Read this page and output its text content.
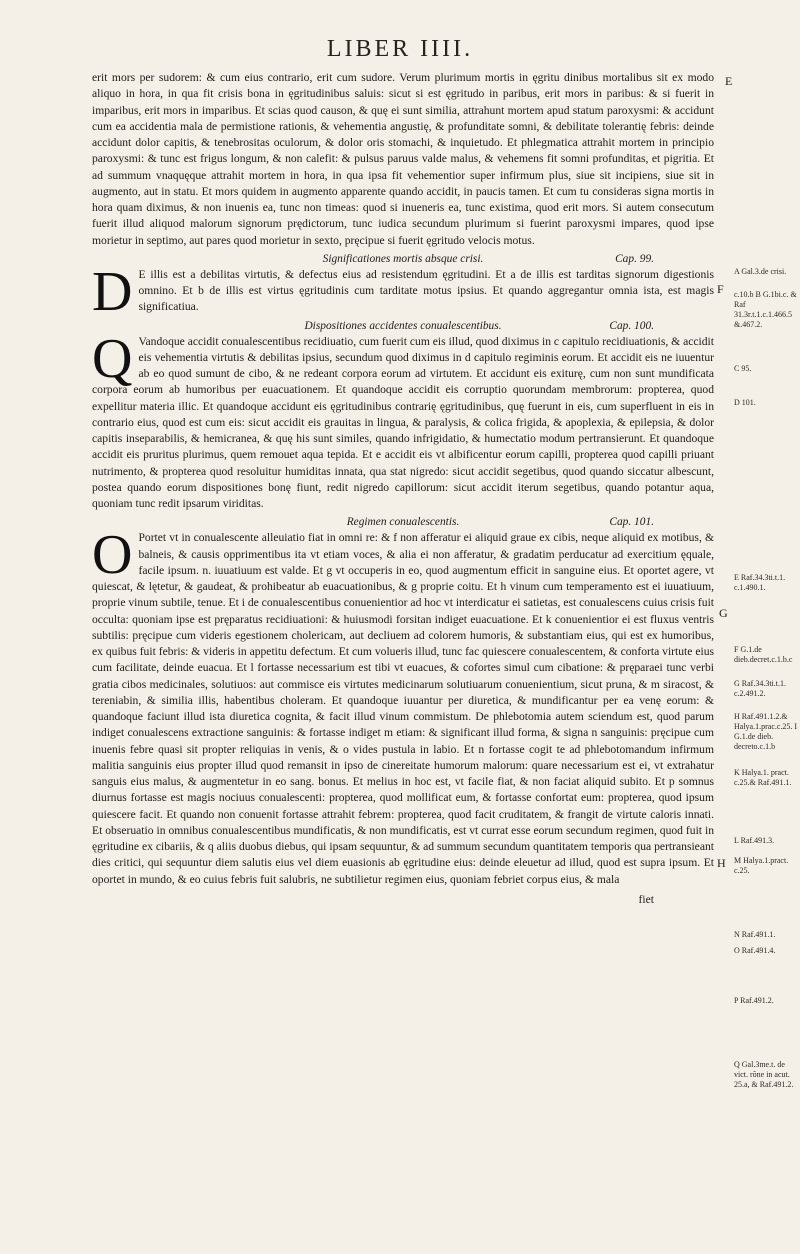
LIBER IIII.

erit mors per sudorem: & cum eius contrario, erit cum sudore. Verum plurimum mortis in ęgritu dinibus mortalibus sit ex modo aliquo in hora, in qua fit crisis bona in ęgritudinibus saluis: sicut si est ęgritudo in paribus, erit mors in paribus: & si fuerit in imparibus, erit mors in imparibus. Et scias quod causon, & quę ei sunt similia, attrahunt mortem apud statum paroxysmi: & accidunt cum ea accidentia mala de permistione rationis, & vehementia angustię, & profunditate somni, & debilitate tolerantię febris: deinde accidunt dolor capitis, & tenebrositas oculorum, & dolor oris stomachi, & inquietudo. Et phlegmatica attrahit mortem in principio paroxysmi: & tunc est frigus longum, & non calefit: & pulsus paruus valde malus, & vehemens fit somni profunditas, et pigritia. Et ad summum vnaquęque attrahit mortem in hora, in qua ipsa fit vehementior super infirmum plus, siue sit incipiens, siue sit in augmento, aut in statu. Et mors quidem in augmento apparente quando accidit, in paucis tamen. Et cum tu consideras signa mortis in hora quam diximus, & non inuenis ea, tunc non timeas: quod si inueneris ea, tunc existima, quod erit mors. Si autem consecutum fuerit illud aliquod malorum signorum prędictorum, tunc iudica secundum plurimum si fuerint paroxysmi impares, quod ipse morietur in septimo, aut pares quod morietur in sexto, pręcipue si fuerit ęgritudo velocis motus.

Significationes mortis absque crisi.	Cap. 99.

D E illis est a debilitas virtutis, & defectus eius ad resistendum ęgritudini. Et a de illis est tarditas signorum digestionis omnino. Et b de illis est virtus ęgritudinis cum tarditate motus ipsius. Et quando aggregantur omnia ista, est magis significatiua.

Dispositiones accidentes conualescentibus.	Cap. 100.

Q Vandoque accidit conualescentibus recidiuatio, cum fuerit cum eis illud, quod diximus in c capitulo recidiuationis, & accidit eis vehementia virtutis & debilitas ipsius, secundum quod diximus in d capitulo regiminis eorum. Et accidit eis ne iuuentur ab eo quod sumunt de cibo, & ne redeant corpora eorum ad virtutem. Et accidunt eis exiturę, cum non sunt mundificata corpora eorum ab humoribus per euacuationem. Et quandoque accidit eis corruptio quorundam membrorum: propterea, quod expellitur materia illic. Et quandoque accidunt eis ęgritudinibus contrarię ęgritudinibus, quę fuerunt in eis, cum superfluent in eis in contrario eius, quod est cum eis: sicut accidit eis grauitas in lingua, & paralysis, & colica frigida, & apoplexia, & epilepsia, & dolor capitis inseparabilis, & hemicranea, & quę his sunt similes, quando infrigidatio, & humectatio modum pertransierunt. Et quandoque accidit eis pruritus plurimus, quem remouet aqua tepida. Et e accidit eis vt albificentur eorum capilli, propterea quod capilli priuant nutrimento, & propterea quod resoluitur humiditas innata, qua stat nigredo: sicut accidit segetibus, quod quando siccatur albescunt, postea quando eorum dispositiones bonę fiunt, redit nigredo capillorum: sicut accidit iterum segetibus, quando potantur aqua, quoniam tunc redit ipsarum viriditas.

Regimen conualescentis.	Cap. 101.

O Portet vt in conualescente alleuiatio fiat in omni re: & f non afferatur ei aliquid graue ex cibis, neque aliquid ex motibus, & balneis, & causis opprimentibus ita vt etiam voces, & alia ei non afferatur, & gradatim perducatur ad exercitium ęquale, facile ipsum. n. iuuatiuum est valde. Et g vt occuperis in eo, quod augmentum efficit in sanguine eius. Et oportet agere, vt quiescat, & lętetur, & gaudeat, & prohibeatur ab euacuationibus, & g proprie coitu. Et h vinum cum temperamento est ei iuuatiuum, proprie vinum subtile, tenue. Et i de conualescentibus conuenientior ad hoc vt interdicatur ei satietas, est conualescens cuius crisis fuit occulta: quoniam ipse est pręparatus recidiuationi: & huiusmodi forsitan indiget euacuatione. Et k conuenientior ei est fluxus ventris subtilis: pręcipue cum videris egestionem cholericam, aut decliuem ad colorem humoris, & substantiam eius, qui est ex humoribus, ex quibus fuit febris: & videris in appetitu defectum. Et cum volueris illud, tunc fac quiescere conualescentem, & conforta virtute eius cum facilitate, deinde euacua. Et l fortasse necessarium est tibi vt euacues, & cofortes simul cum cibatione: & pręparaei tunc verbi gratia cibos medicinales, solutiuos: aut commisce eis virtutes medicinarum solutiuarum conuenientium, sicut pruna, & m siracost, & tereniabin, & similia illis, habentibus choleram. Et quandoque iuuantur per diuretica, & mundificantur per ea venę eorum: & quandoque faciunt illud ista diuretica cognita, & facit illud vinum commistum. De phlebotomia autem sciendum est, quod parum indiget conualescens extractione sanguinis: & fortasse indiget m etiam: & significant illud forma, & signa n sanguinis: pręcipue cum inuenis febre quasi sit propter reliquias in venis, & o vides pustula in labio. Et n fortasse cogit te ad phlebotomandum infirmum malitia sanguinis eius propter illud quod remansit in ipso de cinereitate humorum malorum: quare necessarium est ei, vt extrahatur sanguis eius malus, & augmentetur in eo sang. bonus. Et melius in hoc est, vt facile fiat, & non faciat aliquid subito. Et p somnus diurnus fortasse est magis nociuus conualescenti: propterea, quod mollificat eum, & fortasse confortat eum: propterea, quod ipsum quiescere facit. Et quando non conuenit fortasse attrahit febrem: propterea, quod facit cruditatem, & frangit de virtute caloris innati. Et obseruatio in omnibus conualescentibus mundificatis, & non mundificatis, est vt currat esse eorum secundum regimen, quod fuit in ęgritudine ex cibariis, & q aliis duobus diebus, qui ipsam sequuntur, & ad summum secundum quantitatem temporis qua pertransieant dies critici, qui sequuntur diem salutis eius vel diem euasionis ab ęgritudine eius: deinde eleuetur ad illud, quod est supra ipsum. Et oportet in mundo, & eo cuius febris fuit salubris, ne subtilietur regimen eius, quoniam febriet corpus eius, & mala

fiet
E
F
G
H
A Gal.3.de crisi.
c.10.b B G.1bi.c. & Raf 31.3r.t.1.c.1.466.5 &.467.2.
C 95.
D 101.
E Raf.34.3ti.t.1. c.1.490.1.
F G.1.de dieb.decret.c.1.b.c
G Raf.34.3ti.t.1. c.2.491.2.
H Raf.491.1.2.& Halya.1.prac.c.25. I G.1.de dieb. decreto.c.1.b
K Halya.1. pract. c.25.& Raf.491.1.
L Raf.491.3.
M Halya.1.pract. c.25.
N Raf.491.1.
O Raf.491.4.
P Raf.491.2.
Q Gal.3me.t. de vict. rõne in acut. 25.a, & Raf.491.2.
